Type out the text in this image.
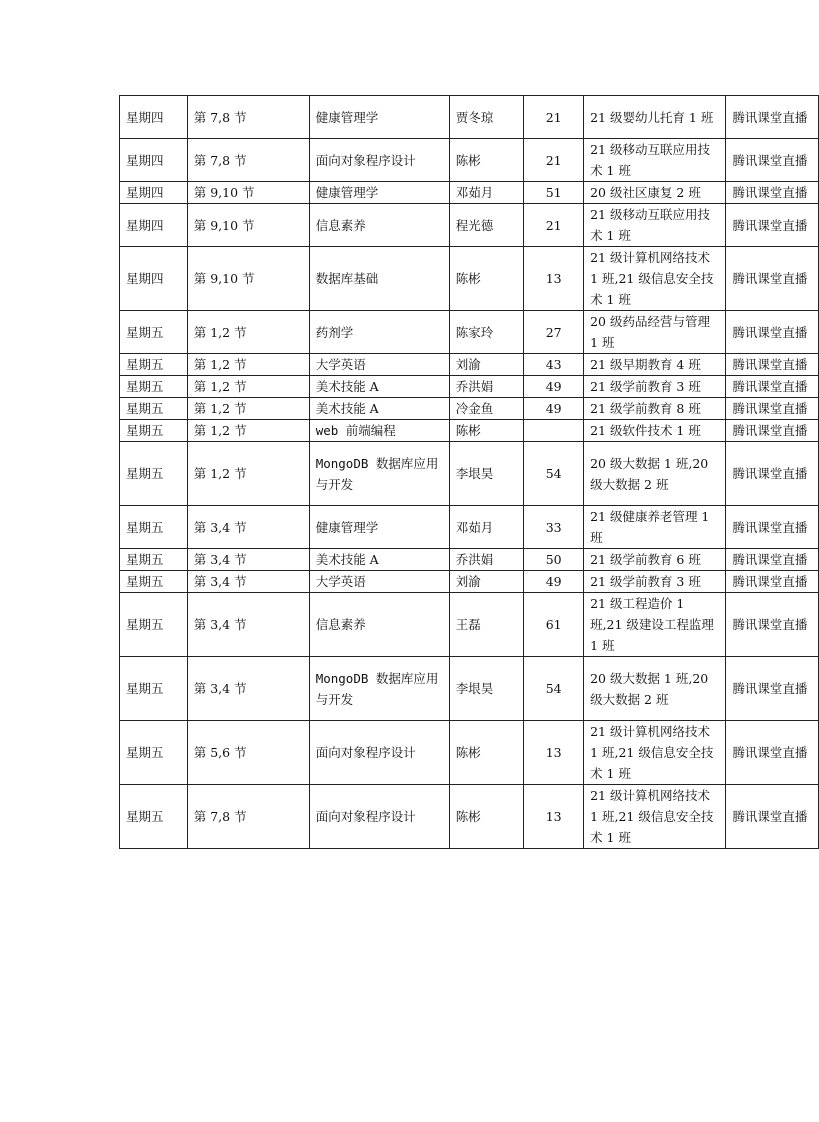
星期四	第 7,8 节	健康管理学	贾冬琼	21	21 级婴幼儿托育 1 班	腾讯课堂直播
星期四	第 7,8 节	面向对象程序设计	陈彬	21	21 级移动互联应用技术 1 班	腾讯课堂直播
星期四	第 9,10 节	健康管理学	邓茹月	51	20 级社区康复 2 班	腾讯课堂直播
星期四	第 9,10 节	信息素养	程光德	21	21 级移动互联应用技术 1 班	腾讯课堂直播
星期四	第 9,10 节	数据库基础	陈彬	13	21 级计算机网络技术 1 班,21 级信息安全技术 1 班	腾讯课堂直播
星期五	第 1,2 节	药剂学	陈家玲	27	20 级药品经营与管理 1 班	腾讯课堂直播
星期五	第 1,2 节	大学英语	刘渝	43	21 级早期教育 4 班	腾讯课堂直播
星期五	第 1,2 节	美术技能 A	乔洪娟	49	21 级学前教育 3 班	腾讯课堂直播
星期五	第 1,2 节	美术技能 A	冷金鱼	49	21 级学前教育 8 班	腾讯课堂直播
星期五	第 1,2 节	web 前端编程	陈彬		21 级软件技术 1 班	腾讯课堂直播
星期五	第 1,2 节	MongoDB 数据库应用与开发	李垠昊	54	20 级大数据 1 班,20 级大数据 2 班	腾讯课堂直播
星期五	第 3,4 节	健康管理学	邓茹月	33	21 级健康养老管理 1 班	腾讯课堂直播
星期五	第 3,4 节	美术技能 A	乔洪娟	50	21 级学前教育 6 班	腾讯课堂直播
星期五	第 3,4 节	大学英语	刘渝	49	21 级学前教育 3 班	腾讯课堂直播
星期五	第 3,4 节	信息素养	王磊	61	21 级工程造价 1 班,21 级建设工程监理 1 班	腾讯课堂直播
星期五	第 3,4 节	MongoDB 数据库应用与开发	李垠昊	54	20 级大数据 1 班,20 级大数据 2 班	腾讯课堂直播
星期五	第 5,6 节	面向对象程序设计	陈彬	13	21 级计算机网络技术 1 班,21 级信息安全技术 1 班	腾讯课堂直播
星期五	第 7,8 节	面向对象程序设计	陈彬	13	21 级计算机网络技术 1 班,21 级信息安全技术 1 班	腾讯课堂直播
